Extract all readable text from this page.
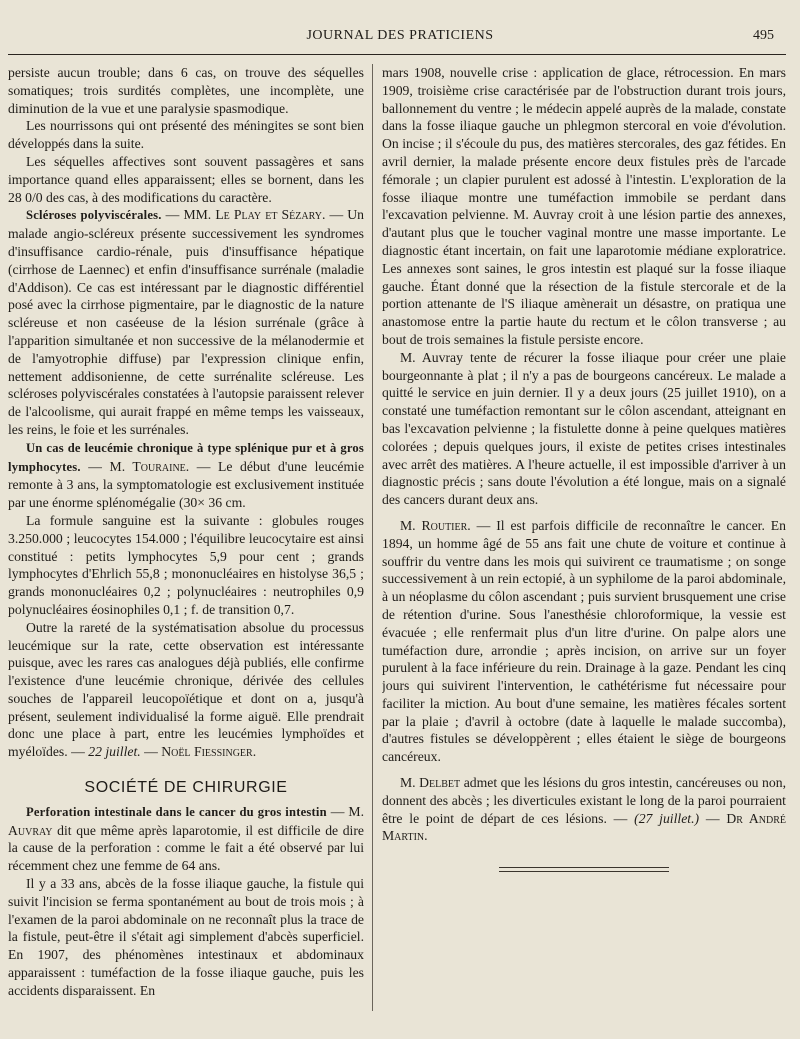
JOURNAL DES PRATICIENS	495

persiste aucun trouble; dans 6 cas, on trouve des séquelles somatiques; trois surdités complètes, une incomplète, une diminution de la vue et une paralysie spasmodique.

Les nourrissons qui ont présenté des méningites se sont bien développés dans la suite.

Les séquelles affectives sont souvent passagères et sans importance quand elles apparaissent; elles se bornent, dans les 28 0/0 des cas, à des modifications du caractère.

Scléroses polyviscérales. — MM. Le Play et Sézary. — Un malade angio-scléreux présente successivement les syndromes d'insuffisance cardio-rénale, puis d'insuffisance hépatique (cirrhose de Laennec) et enfin d'insuffisance surrénale (maladie d'Addison). Ce cas est intéressant par le diagnostic différentiel posé avec la cirrhose pigmentaire, par le diagnostic de la nature scléreuse et non caséeuse de la lésion surrénale (grâce à l'apparition simultanée et non successive de la mélanodermie et de l'amyotrophie diffuse) par l'expression clinique enfin, nettement addisonienne, de cette surrénalite scléreuse. Les scléroses polyviscérales constatées à l'autopsie paraissent relever de l'alcoolisme, qui aurait frappé en même temps les vaisseaux, les reins, le foie et les surrénales.

Un cas de leucémie chronique à type splénique pur et à gros lymphocytes. — M. Touraine. — Le début d'une leucémie remonte à 3 ans, la symptomatologie est exclusivement instituée par une énorme splénomégalie (30× 36 cm.

La formule sanguine est la suivante : globules rouges 3.250.000 ; leucocytes 154.000 ; l'équilibre leucocytaire est ainsi constitué : petits lymphocytes 5,9 pour cent ; grands lymphocytes d'Ehrlich 55,8 ; mononucléaires en histolyse 36,5 ; grands mononucléaires 0,2 ; polynucléaires : neutrophiles 0,9 polynucléaires éosinophiles 0,1 ; f. de transition 0,7.

Outre la rareté de la systématisation absolue du processus leucémique sur la rate, cette observation est intéressante puisque, avec les rares cas analogues déjà publiés, elle confirme l'existence d'une leucémie chronique, dérivée des cellules souches de l'appareil leucopoïétique et dont on a, jusqu'à présent, seulement individualisé la forme aiguë. Elle prendrait donc une place à part, entre les leucémies lymphoïdes et myéloïdes. — 22 juillet. — Noël Fiessinger.

SOCIÉTÉ DE CHIRURGIE

Perforation intestinale dans le cancer du gros intestin — M. Auvray dit que même après laparotomie, il est difficile de dire la cause de la perforation : comme le fait a été observé par lui récemment chez une femme de 64 ans.

Il y a 33 ans, abcès de la fosse iliaque gauche, la fistule qui suivit l'incision se ferma spontanément au bout de trois mois ; à l'examen de la paroi abdominale on ne reconnaît plus la trace de la fistule, peut-être il s'était agi simplement d'abcès superficiel. En 1907, des phénomènes intestinaux et abdominaux apparaissent : tuméfaction de la fosse iliaque gauche, puis les accidents disparaissent. En

mars 1908, nouvelle crise : application de glace, rétrocession. En mars 1909, troisième crise caractérisée par de l'obstruction durant trois jours, ballonnement du ventre ; le médecin appelé auprès de la malade, constate dans la fosse iliaque gauche un phlegmon stercoral en voie d'évolution. On incise ; il s'écoule du pus, des matières stercorales, des gaz fétides. En avril dernier, la malade présente encore deux fistules près de l'arcade fémorale ; un clapier purulent est adossé à l'intestin. L'exploration de la fosse iliaque montre une tuméfaction immobile se perdant dans l'excavation pelvienne. M. Auvray croit à une lésion partie des annexes, d'autant plus que le toucher vaginal montre une masse importante. Le diagnostic étant incertain, on fait une laparotomie médiane exploratrice. Les annexes sont saines, le gros intestin est plaqué sur la fosse iliaque gauche. Étant donné que la résection de la fistule stercorale et de la portion attenante de l'S iliaque amènerait un désastre, on pratiqua une anastomose entre la partie haute du rectum et le côlon transverse ; au bout de trois semaines la fistule persiste encore.

M. Auvray tente de récurer la fosse iliaque pour créer une plaie bourgeonnante à plat ; il n'y a pas de bourgeons cancéreux. Le malade a quitté le service en juin dernier. Il y a deux jours (25 juillet 1910), on a constaté une tuméfaction remontant sur le côlon ascendant, atteignant en bas l'excavation pelvienne ; la fistulette donne à peine quelques matières colorées ; depuis quelques jours, il existe de petites crises intestinales avec arrêt des matières. A l'heure actuelle, il est impossible d'arriver à un diagnostic précis ; sans doute l'évolution a été longue, mais on a signalé des cancers durant deux ans.

M. Routier. — Il est parfois difficile de reconnaître le cancer. En 1894, un homme âgé de 55 ans fait une chute de voiture et continue à souffrir du ventre dans les mois qui suivirent ce traumatisme ; on songe successivement à un rein ectopié, à un syphilome de la paroi abdominale, à un néoplasme du côlon ascendant ; puis survient brusquement une crise de rétention d'urine. Sous l'anesthésie chloroformique, la vessie est évacuée ; elle renfermait plus d'un litre d'urine. On palpe alors une tuméfaction dure, arrondie ; après incision, on arrive sur un foyer purulent à la face inférieure du rein. Drainage à la gaze. Pendant les cinq jours qui suivirent l'intervention, le cathétérisme fut nécessaire pour faciliter la miction. Au bout d'une semaine, les matières fécales sortent par la plaie ; d'avril à octobre (date à laquelle le malade succomba), d'autres fistules se développèrent ; elles étaient le siège de bourgeons cancéreux.

M. Delbet admet que les lésions du gros intestin, cancéreuses ou non, donnent des abcès ; les diverticules existant le long de la paroi pourraient être le point de départ de ces lésions. — (27 juillet.) — Dr André Martin.
